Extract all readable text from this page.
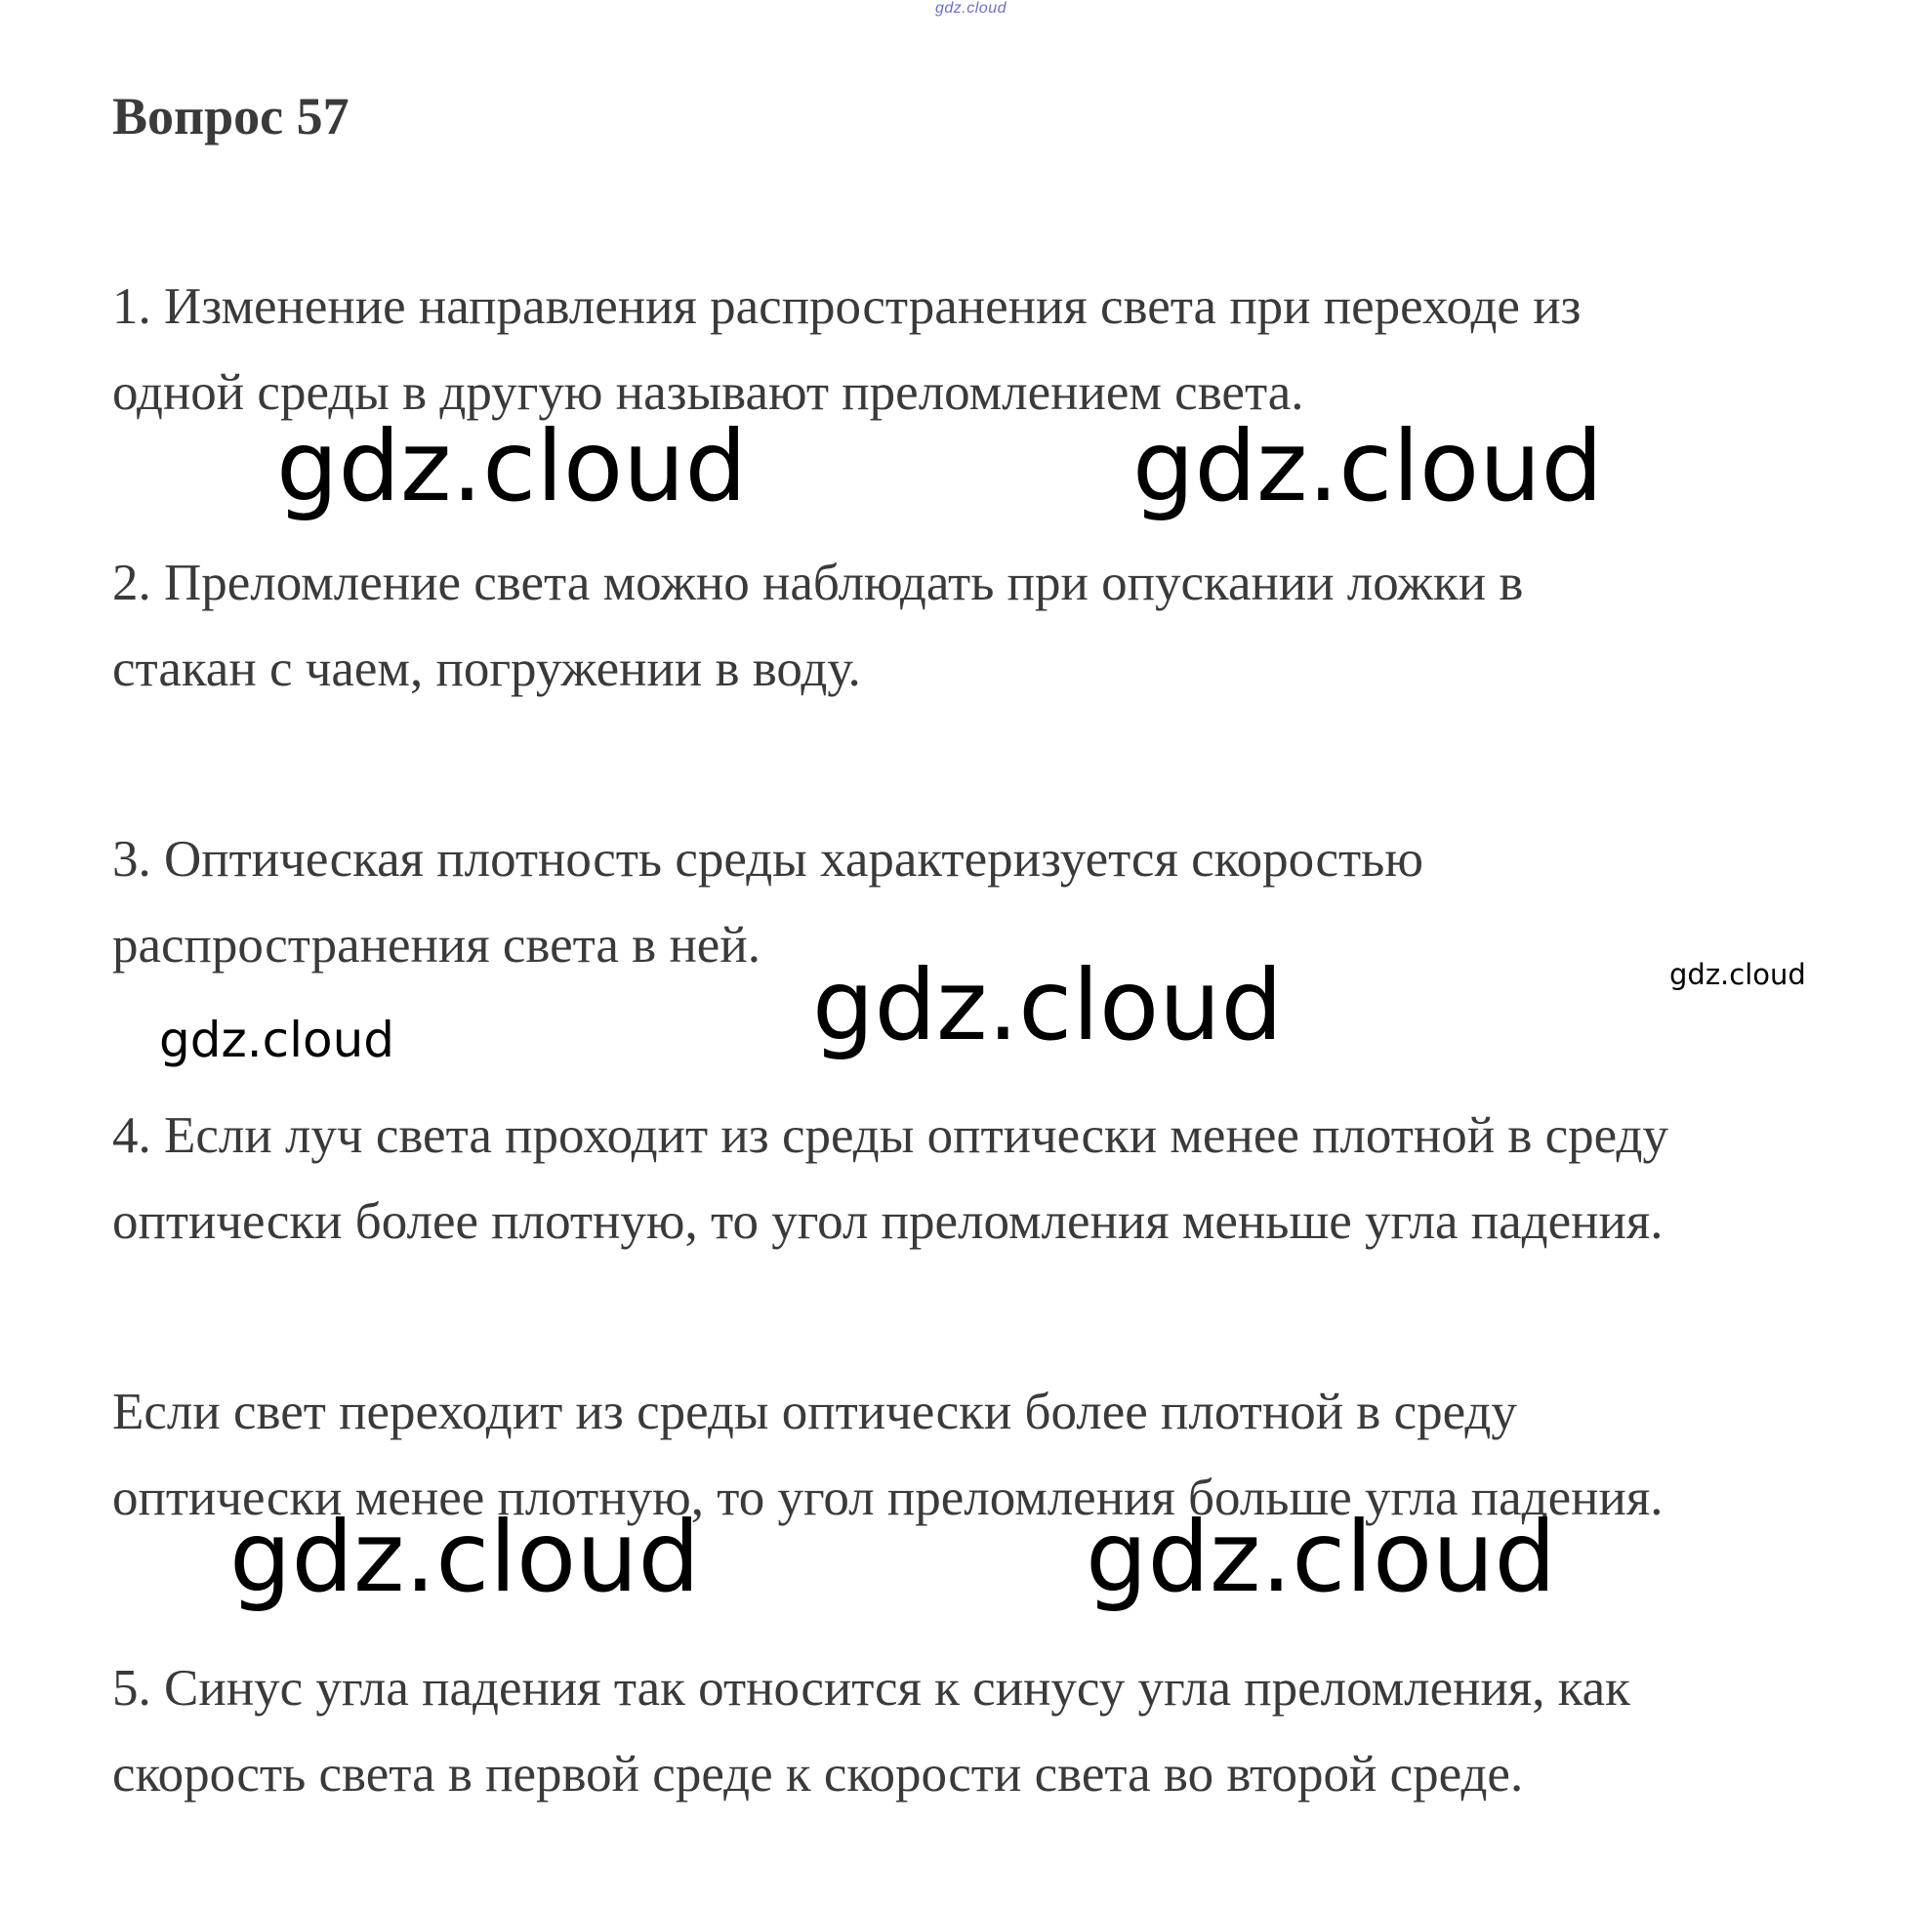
gdz.cloud
Вопрос 57

1. Изменение направления распространения света при переходе из
одной среды в другую называют преломлением света.

2. Преломление света можно наблюдать при опускании ложки в
стакан с чаем, погружении в воду.

3. Оптическая плотность среды характеризуется скоростью
распространения света в ней.

4. Если луч света проходит из среды оптически менее плотной в среду
оптически более плотную, то угол преломления меньше угла падения.

Если свет переходит из среды оптически более плотной в среду
оптически менее плотную, то угол преломления больше угла падения.

5. Синус угла падения так относится к синусу угла преломления, как
скорость света в первой среде к скорости света во второй среде.

gdz.cloud	gdz.cloud
gdz.cloud	gdz.cloud
gdz.cloud
gdz.cloud	gdz.cloud
